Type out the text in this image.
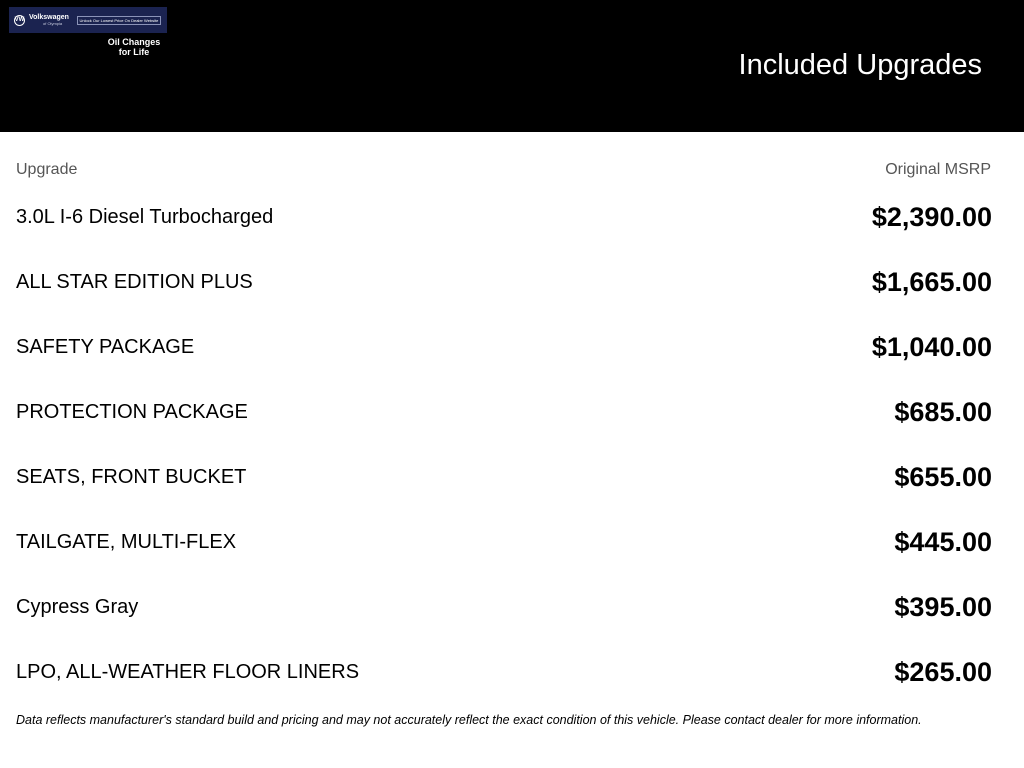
VW Volkswagen
of Olympia
Unlock Our Lowest Price On Dealer Website
Oil Changes for Life	Included Upgrades
Upgrade	Original MSRP
3.0L I-6 Diesel Turbocharged	$2,390.00
ALL STAR EDITION PLUS	$1,665.00
SAFETY PACKAGE	$1,040.00
PROTECTION PACKAGE	$685.00
SEATS, FRONT BUCKET	$655.00
TAILGATE, MULTI-FLEX	$445.00
Cypress Gray	$395.00
LPO, ALL-WEATHER FLOOR LINERS	$265.00
Data reflects manufacturer's standard build and pricing and may not accurately reflect the exact condition of this vehicle. Please contact dealer for more information.
